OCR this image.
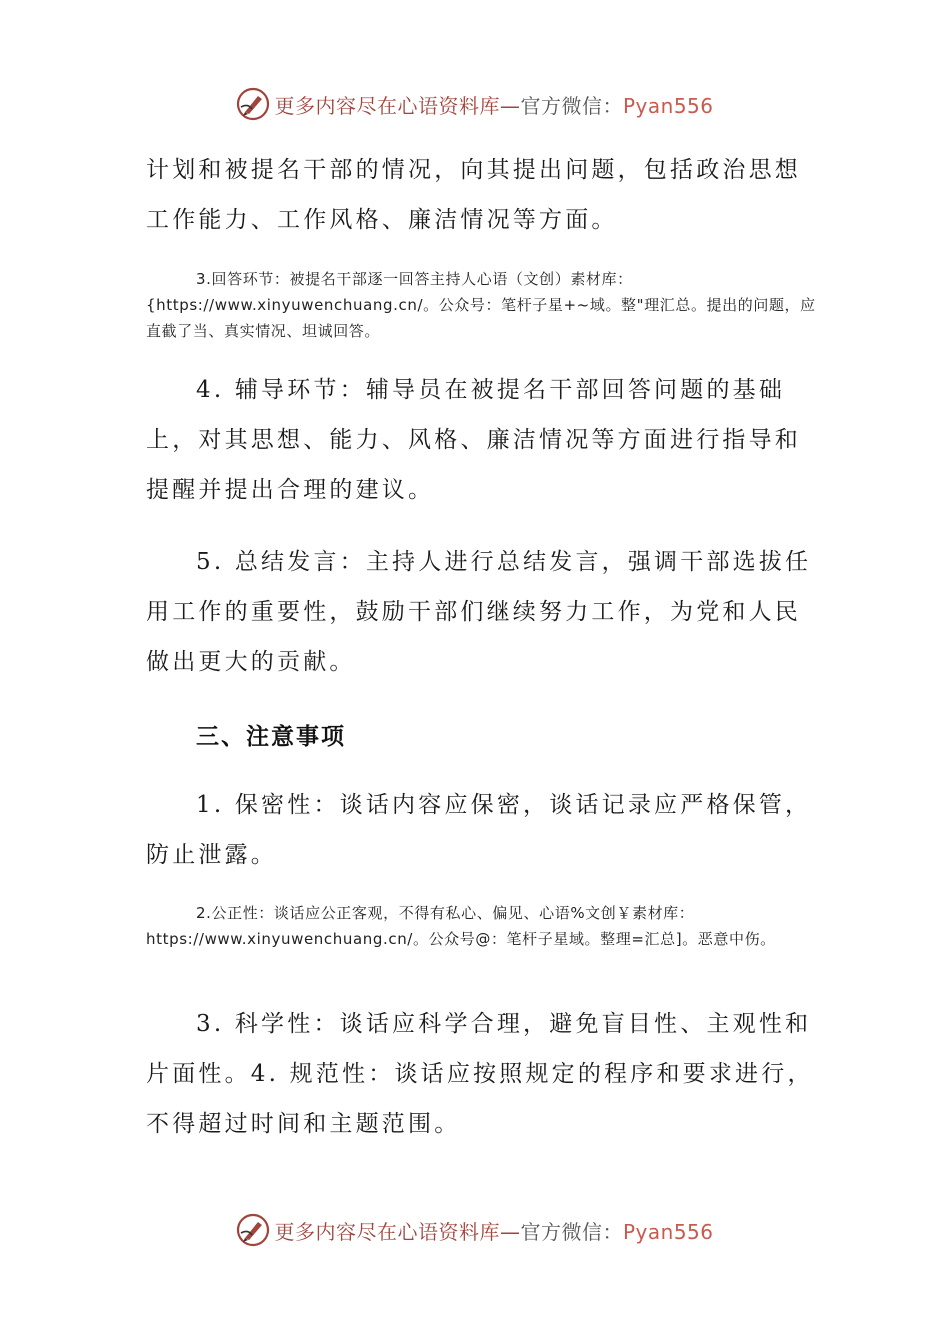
更多内容尽在心语资料库—官方微信：Pyan556

计划和被提名干部的情况，向其提出问题，包括政治思想工作能力、工作风格、廉洁情况等方面。

3.回答环节：被提名干部逐一回答主持人心语（文创）素材库：{https://www.xinyuwenchuang.cn/。公众号：笔杆子星+~域。整"理汇总。提出的问题，应直截了当、真实情况、坦诚回答。

4. 辅导环节：辅导员在被提名干部回答问题的基础上，对其思想、能力、风格、廉洁情况等方面进行指导和提醒并提出合理的建议。

5. 总结发言：主持人进行总结发言，强调干部选拔任用工作的重要性，鼓励干部们继续努力工作，为党和人民做出更大的贡献。

三、注意事项

1. 保密性：谈话内容应保密，谈话记录应严格保管，防止泄露。

2.公正性：谈话应公正客观，不得有私心、偏见、心语%文创￥素材库：https://www.xinyuwenchuang.cn/。公众号@：笔杆子星域。整理=汇总]。恶意中伤。

3. 科学性：谈话应科学合理，避免盲目性、主观性和片面性。4. 规范性：谈话应按照规定的程序和要求进行，不得超过时间和主题范围。

更多内容尽在心语资料库—官方微信：Pyan556
